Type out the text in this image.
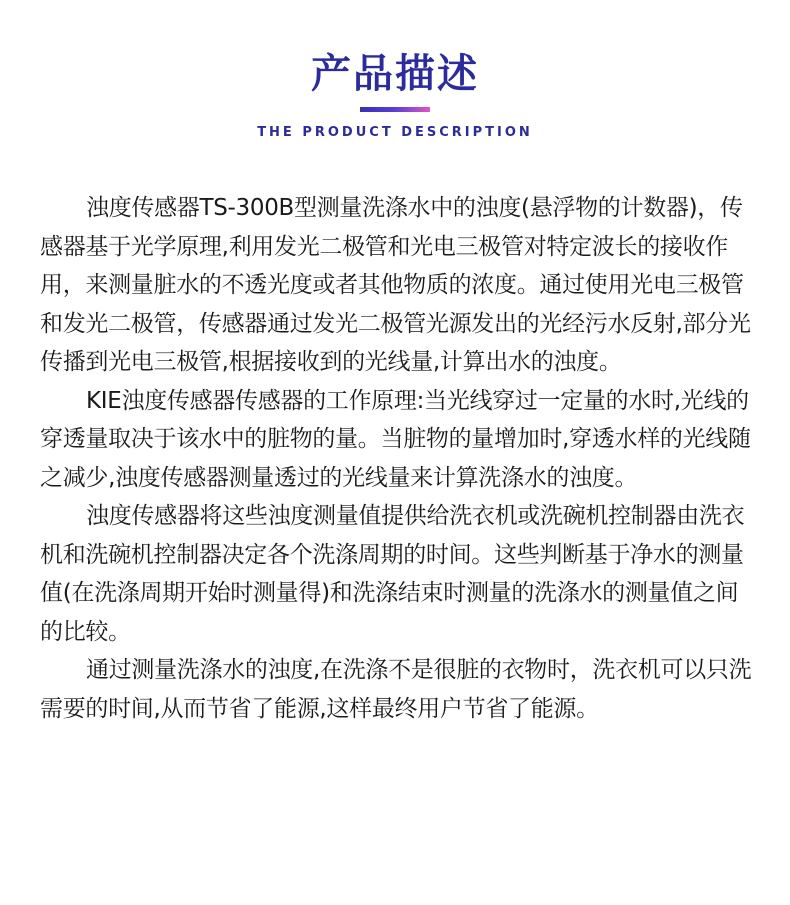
产品描述
THE PRODUCT DESCRIPTION

浊度传感器TS-300B型测量洗涤水中的浊度(悬浮物的计数器)，传感器基于光学原理,利用发光二极管和光电三极管对特定波长的接收作用，来测量脏水的不透光度或者其他物质的浓度。通过使用光电三极管和发光二极管，传感器通过发光二极管光源发出的光经污水反射,部分光传播到光电三极管,根据接收到的光线量,计算出水的浊度。

KIE浊度传感器传感器的工作原理:当光线穿过一定量的水时,光线的穿透量取决于该水中的脏物的量。当脏物的量增加时,穿透水样的光线随之减少,浊度传感器测量透过的光线量来计算洗涤水的浊度。

浊度传感器将这些浊度测量值提供给洗衣机或洗碗机控制器由洗衣机和洗碗机控制器决定各个洗涤周期的时间。这些判断基于净水的测量值(在洗涤周期开始时测量得)和洗涤结束时测量的洗涤水的测量值之间的比较。

通过测量洗涤水的浊度,在洗涤不是很脏的衣物时，洗衣机可以只洗需要的时间,从而节省了能源,这样最终用户节省了能源。
